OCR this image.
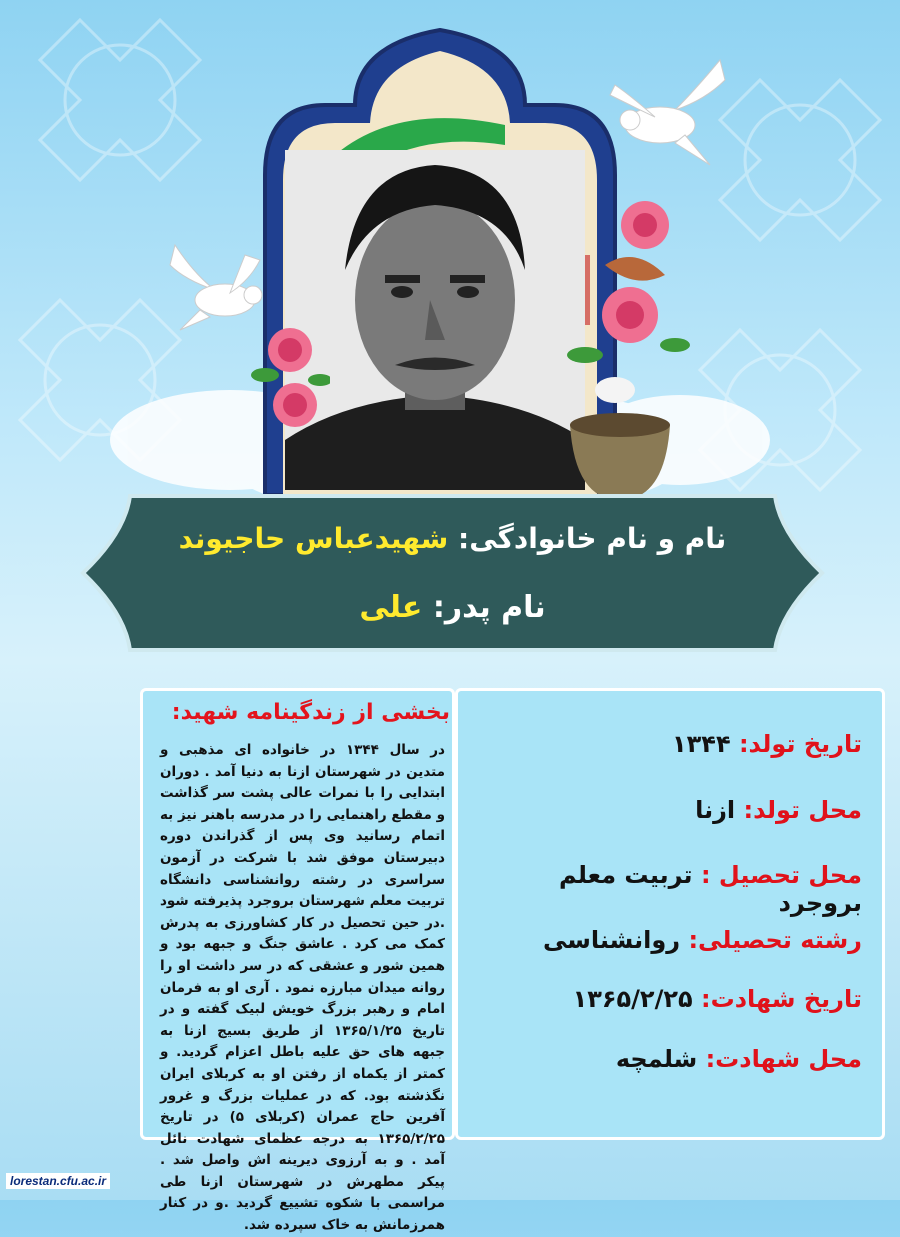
نام و نام خانوادگی: شهیدعباس حاجیوند
نام پدر: علی
بخشی از زندگینامه شهید:
در سال ۱۳۴۴ در خانواده ای مذهبی و متدین در شهرستان ازنا به دنیا آمد . دوران ابتدایی را با نمرات عالی پشت سر گذاشت و مقطع راهنمایی را در مدرسه باهنر نیز به اتمام رسانید وی پس از گذراندن دوره دبیرستان موفق شد با شرکت در آزمون سراسری در رشته روانشناسی دانشگاه تربیت معلم شهرستان بروجرد پذیرفته شود .در حین تحصیل در کار کشاورزی به پدرش کمک می کرد . عاشق جنگ و جبهه بود و همین شور و عشقی که در سر داشت او را روانه میدان مبارزه نمود . آری او به فرمان امام و رهبر بزرگ خویش لبیک گفته و در تاریخ ۱۳۶۵/۱/۲۵ از طریق بسیج ازنا به جبهه های حق علیه باطل اعزام گردید. و کمتر از یکماه از رفتن او به کربلای ایران نگذشته بود. که در عملیات بزرگ و غرور آفرین حاج عمران (کربلای ۵) در تاریخ ۱۳۶۵/۲/۲۵ به درجه عظمای شهادت نائل آمد . و به آرزوی دیرینه اش واصل شد . پیکر مطهرش در شهرستان ازنا طی مراسمی با شکوه تشییع گردید .و در کنار همرزمانش به خاک سپرده شد.
تاریخ تولد: ۱۳۴۴
محل تولد: ازنا
محل تحصیل : تربیت معلم بروجرد
رشته تحصیلی: روانشناسی
تاریخ شهادت: ۱۳۶۵/۲/۲۵
محل شهادت: شلمچه
lorestan.cfu.ac.ir
